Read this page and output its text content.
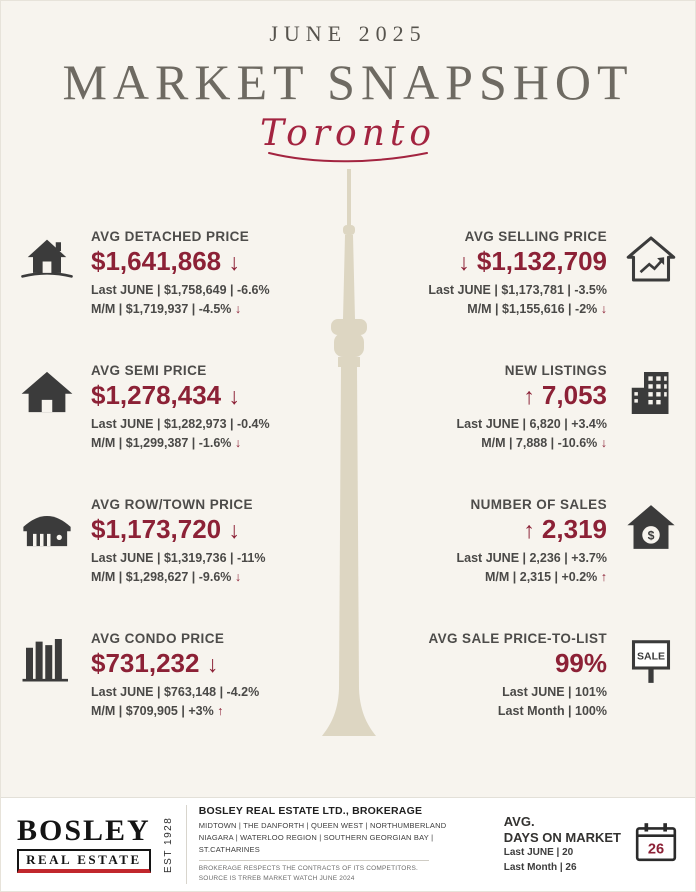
JUNE 2025
MARKET SNAPSHOT
Toronto
AVG DETACHED PRICE
$1,641,868 ↓
Last JUNE | $1,758,649 | -6.6%
M/M | $1,719,937 | -4.5% ↓
AVG SEMI PRICE
$1,278,434 ↓
Last JUNE | $1,282,973 | -0.4%
M/M | $1,299,387 | -1.6% ↓
AVG ROW/TOWN PRICE
$1,173,720 ↓
Last JUNE | $1,319,736 | -11%
M/M | $1,298,627 | -9.6% ↓
AVG CONDO PRICE
$731,232 ↓
Last JUNE | $763,148 | -4.2%
M/M | $709,905 | +3% ↑
AVG SELLING PRICE
↓ $1,132,709
Last JUNE | $1,173,781 | -3.5%
M/M | $1,155,616 | -2% ↓
NEW LISTINGS
↑ 7,053
Last JUNE | 6,820 | +3.4%
M/M | 7,888 | -10.6% ↓
NUMBER OF SALES
↑ 2,319
Last JUNE | 2,236 | +3.7%
M/M | 2,315 | +0.2% ↑
$
AVG SALE PRICE-TO-LIST
99%
Last JUNE | 101%
Last Month | 100%
SALE
BOSLEY
REAL ESTATE	EST 1928
BOSLEY REAL ESTATE LTD., BROKERAGE
MIDTOWN | THE DANFORTH | QUEEN WEST | NORTHUMBERLAND
NIAGARA | WATERLOO REGION | SOUTHERN GEORGIAN BAY | ST.CATHARINES
BROKERAGE RESPECTS THE CONTRACTS OF ITS COMPETITORS.
SOURCE IS TRREB MARKET WATCH JUNE 2024
AVG.
DAYS ON MARKET
Last JUNE | 20
Last Month | 26
26
